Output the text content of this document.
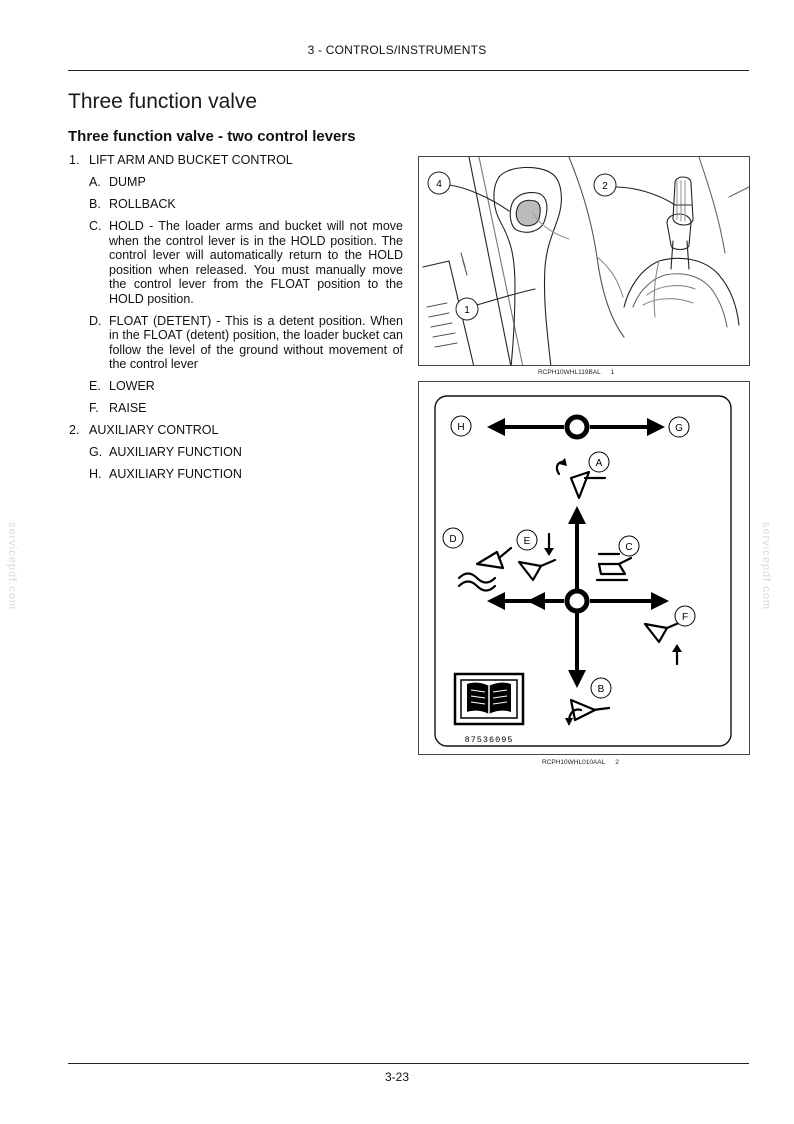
3 - CONTROLS/INSTRUMENTS
Three function valve
Three function valve - two control levers
1. LIFT ARM AND BUCKET CONTROL
A. DUMP
B. ROLLBACK
C. HOLD - The loader arms and bucket will not move when the control lever is in the HOLD position. The control lever will automatically return to the HOLD position when released. You must manually move the control lever from the FLOAT position to the HOLD position.
D. FLOAT (DETENT) - This is a detent position. When in the FLOAT (detent) position, the loader bucket can follow the level of the ground without movement of the control lever
E. LOWER
F. RAISE
2. AUXILIARY CONTROL
G. AUXILIARY FUNCTION
H. AUXILIARY FUNCTION
4	2
1
RCPH10WHL119BAL 1
H	G
A
B
C
D	E
F
87536095
RCPH10WHL010AAL 2
servicepdf.com	servicepdf.com
3-23
